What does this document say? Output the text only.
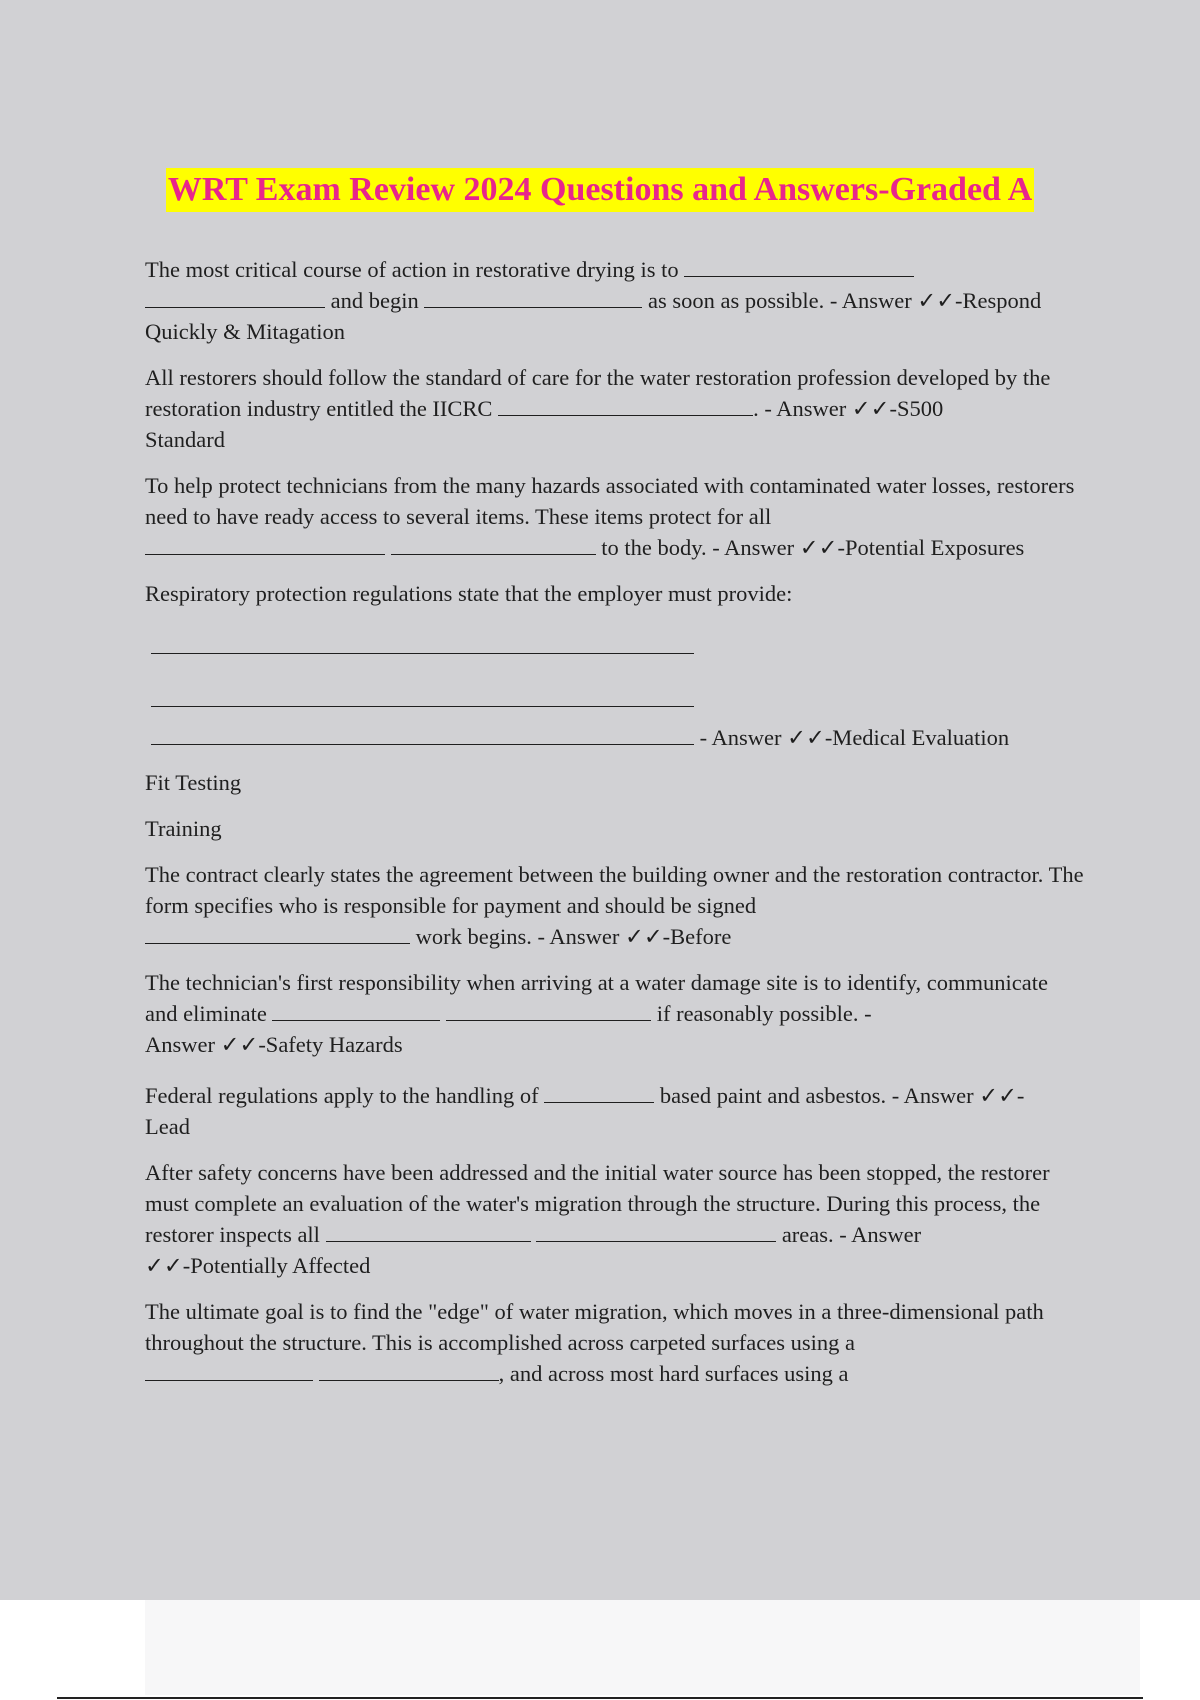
WRT Exam Review 2024 Questions and Answers-Graded A

The most critical course of action in restorative drying is to
and begin	as soon as possible. - Answer ✓✓-Respond
Quickly & Mitagation

All restorers should follow the standard of care for the water restoration profession developed by the restoration industry entitled the IICRC	. - Answer ✓✓-S500
Standard

To help protect technicians from the many hazards associated with contaminated water losses, restorers need to have ready access to several items. These items protect for all
to the body. - Answer ✓✓-Potential Exposures

Respiratory protection regulations state that the employer must provide:

- Answer ✓✓-Medical Evaluation

Fit Testing

Training

The contract clearly states the agreement between the building owner and the restoration contractor. The form specifies who is responsible for payment and should be signed
work begins. - Answer ✓✓-Before

The technician's first responsibility when arriving at a water damage site is to identify, communicate and eliminate	if reasonably possible. -
Answer ✓✓-Safety Hazards

Federal regulations apply to the handling of	based paint and asbestos. - Answer ✓✓-
Lead

After safety concerns have been addressed and the initial water source has been stopped, the restorer must complete an evaluation of the water's migration through the structure. During this process, the restorer inspects all	areas. - Answer
✓✓-Potentially Affected

The ultimate goal is to find the "edge" of water migration, which moves in a three-dimensional path throughout the structure. This is accomplished across carpeted surfaces using a
, and across most hard surfaces using a
